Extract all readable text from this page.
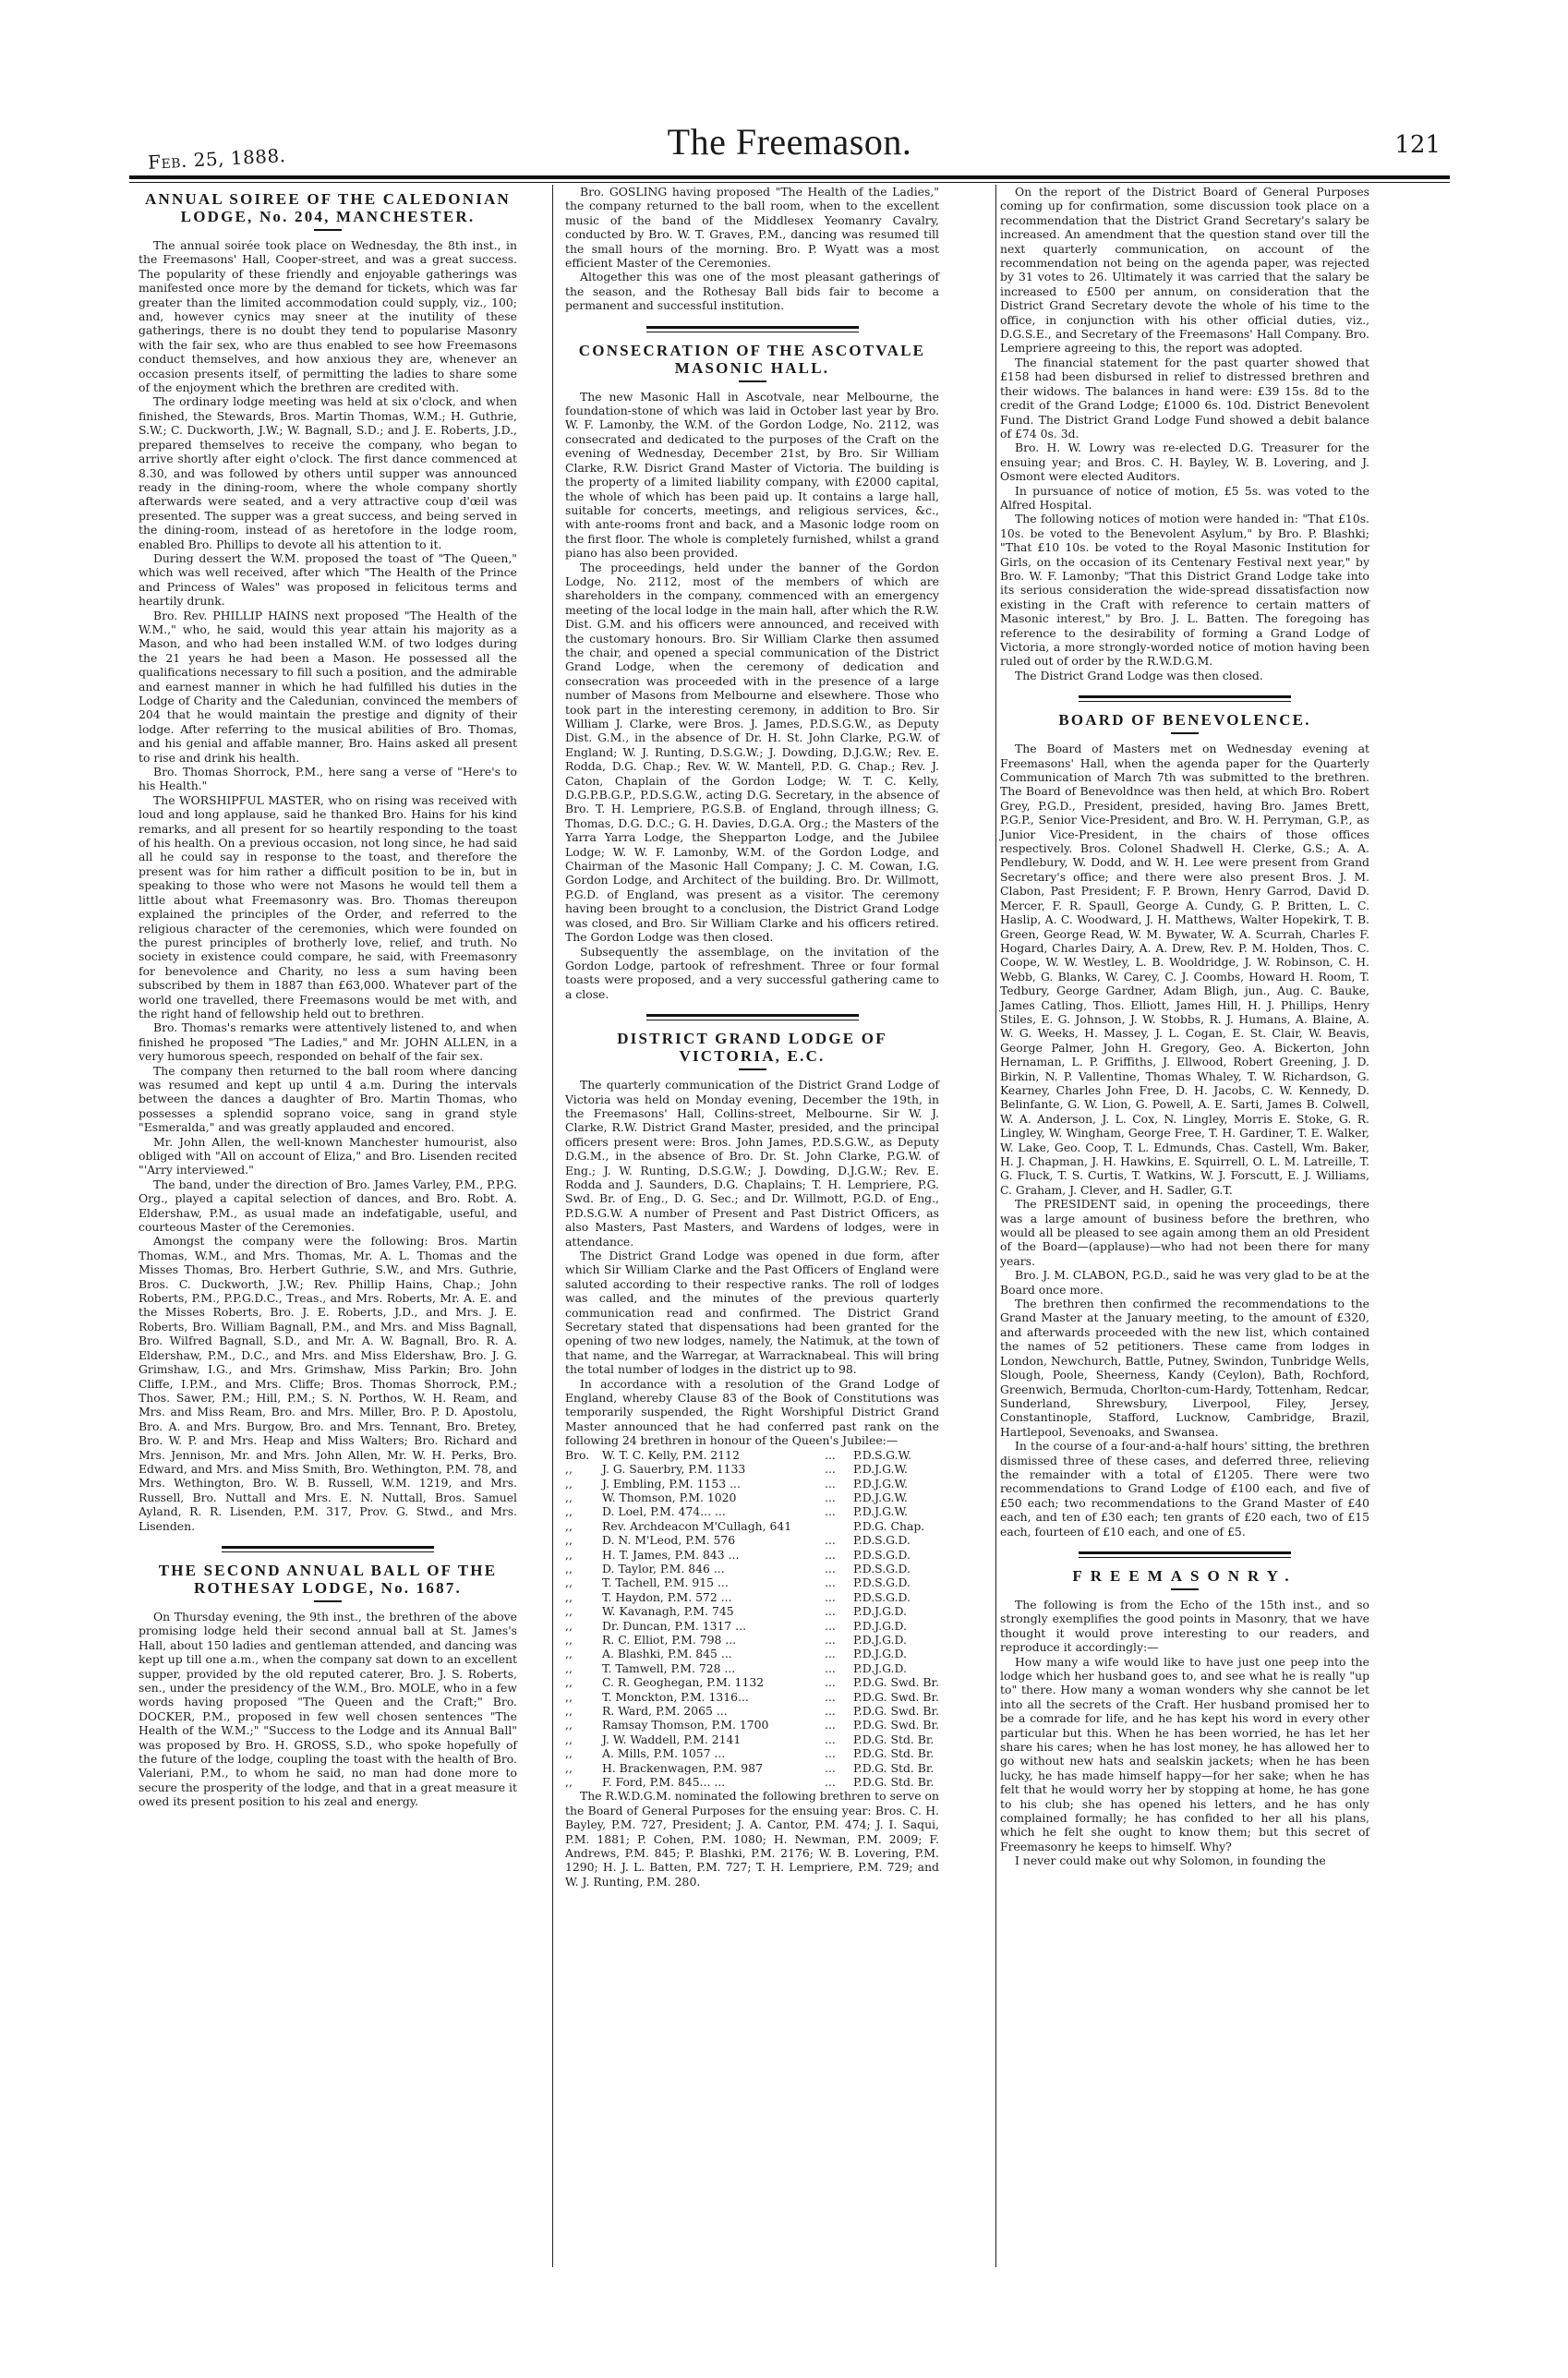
Feb. 25, 1888.	The Freemason.	121
ANNUAL SOIREE OF THE CALEDONIAN LODGE, No. 204, MANCHESTER.

The annual soirée took place on Wednesday, the 8th inst., in the Freemasons' Hall, Cooper-street, and was a great success. The popularity of these friendly and enjoyable gatherings was manifested once more by the demand for tickets, which was far greater than the limited accommodation could supply, viz., 100; and, however cynics may sneer at the inutility of these gatherings, there is no doubt they tend to popularise Masonry with the fair sex, who are thus enabled to see how Freemasons conduct themselves, and how anxious they are, whenever an occasion presents itself, of permitting the ladies to share some of the enjoyment which the brethren are credited with.

The ordinary lodge meeting was held at six o'clock, and when finished, the Stewards, Bros. Martin Thomas, W.M.; H. Guthrie, S.W.; C. Duckworth, J.W.; W. Bagnall, S.D.; and J. E. Roberts, J.D., prepared themselves to receive the company, who began to arrive shortly after eight o'clock. The first dance commenced at 8.30, and was followed by others until supper was announced ready in the dining-room, where the whole company shortly afterwards were seated, and a very attractive coup d'œil was presented. The supper was a great success, and being served in the dining-room, instead of as heretofore in the lodge room, enabled Bro. Phillips to devote all his attention to it.

During dessert the W.M. proposed the toast of "The Queen," which was well received, after which "The Health of the Prince and Princess of Wales" was proposed in felicitous terms and heartily drunk.

Bro. Rev. PHILLIP HAINS next proposed "The Health of the W.M.," who, he said, would this year attain his majority as a Mason, and who had been installed W.M. of two lodges during the 21 years he had been a Mason. He possessed all the qualifications necessary to fill such a position, and the admirable and earnest manner in which he had fulfilled his duties in the Lodge of Charity and the Caledunian, convinced the members of 204 that he would maintain the prestige and dignity of their lodge. After referring to the musical abilities of Bro. Thomas, and his genial and affable manner, Bro. Hains asked all present to rise and drink his health.

Bro. Thomas Shorrock, P.M., here sang a verse of "Here's to his Health."

The WORSHIPFUL MASTER, who on rising was received with loud and long applause, said he thanked Bro. Hains for his kind remarks, and all present for so heartily responding to the toast of his health. On a previous occasion, not long since, he had said all he could say in response to the toast, and therefore the present was for him rather a difficult position to be in, but in speaking to those who were not Masons he would tell them a little about what Freemasonry was. Bro. Thomas thereupon explained the principles of the Order, and referred to the religious character of the ceremonies, which were founded on the purest principles of brotherly love, relief, and truth. No society in existence could compare, he said, with Freemasonry for benevolence and Charity, no less a sum having been subscribed by them in 1887 than £63,000. Whatever part of the world one travelled, there Freemasons would be met with, and the right hand of fellowship held out to brethren.

Bro. Thomas's remarks were attentively listened to, and when finished he proposed "The Ladies," and Mr. JOHN ALLEN, in a very humorous speech, responded on behalf of the fair sex.

The company then returned to the ball room where dancing was resumed and kept up until 4 a.m. During the intervals between the dances a daughter of Bro. Martin Thomas, who possesses a splendid soprano voice, sang in grand style "Esmeralda," and was greatly applauded and encored.

Mr. John Allen, the well-known Manchester humourist, also obliged with "All on account of Eliza," and Bro. Lisenden recited "'Arry interviewed."

The band, under the direction of Bro. James Varley, P.M., P.P.G. Org., played a capital selection of dances, and Bro. Robt. A. Eldershaw, P.M., as usual made an indefatigable, useful, and courteous Master of the Ceremonies.

Amongst the company were the following: Bros. Martin Thomas, W.M., and Mrs. Thomas, Mr. A. L. Thomas and the Misses Thomas, Bro. Herbert Guthrie, S.W., and Mrs. Guthrie, Bros. C. Duckworth, J.W.; Rev. Phillip Hains, Chap.; John Roberts, P.M., P.P.G.D.C., Treas., and Mrs. Roberts, Mr. A. E. and the Misses Roberts, Bro. J. E. Roberts, J.D., and Mrs. J. E. Roberts, Bro. William Bagnall, P.M., and Mrs. and Miss Bagnall, Bro. Wilfred Bagnall, S.D., and Mr. A. W. Bagnall, Bro. R. A. Eldershaw, P.M., D.C., and Mrs. and Miss Eldershaw, Bro. J. G. Grimshaw, I.G., and Mrs. Grimshaw, Miss Parkin; Bro. John Cliffe, I.P.M., and Mrs. Cliffe; Bros. Thomas Shorrock, P.M.; Thos. Sawer, P.M.; Hill, P.M.; S. N. Porthos, W. H. Ream, and Mrs. and Miss Ream, Bro. and Mrs. Miller, Bro. P. D. Apostolu, Bro. A. and Mrs. Burgow, Bro. and Mrs. Tennant, Bro. Bretey, Bro. W. P. and Mrs. Heap and Miss Walters; Bro. Richard and Mrs. Jennison, Mr. and Mrs. John Allen, Mr. W. H. Perks, Bro. Edward, and Mrs. and Miss Smith, Bro. Wethington, P.M. 78, and Mrs. Wethington, Bro. W. B. Russell, W.M. 1219, and Mrs. Russell, Bro. Nuttall and Mrs. E. N. Nuttall, Bros. Samuel Ayland, R. R. Lisenden, P.M. 317, Prov. G. Stwd., and Mrs. Lisenden.

THE SECOND ANNUAL BALL OF THE ROTHESAY LODGE, No. 1687.

On Thursday evening, the 9th inst., the brethren of the above promising lodge held their second annual ball at St. James's Hall, about 150 ladies and gentleman attended, and dancing was kept up till one a.m., when the company sat down to an excellent supper, provided by the old reputed caterer, Bro. J. S. Roberts, sen., under the presidency of the W.M., Bro. MOLE, who in a few words having proposed "The Queen and the Craft;" Bro. DOCKER, P.M., proposed in few well chosen sentences "The Health of the W.M.;" "Success to the Lodge and its Annual Ball" was proposed by Bro. H. GROSS, S.D., who spoke hopefully of the future of the lodge, coupling the toast with the health of Bro. Valeriani, P.M., to whom he said, no man had done more to secure the prosperity of the lodge, and that in a great measure it owed its present position to his zeal and energy.

Bro. GOSLING having proposed "The Health of the Ladies," the company returned to the ball room, when to the excellent music of the band of the Middlesex Yeomanry Cavalry, conducted by Bro. W. T. Graves, P.M., dancing was resumed till the small hours of the morning. Bro. P. Wyatt was a most efficient Master of the Ceremonies.

Altogether this was one of the most pleasant gatherings of the season, and the Rothesay Ball bids fair to become a permanent and successful institution.

CONSECRATION OF THE ASCOTVALE MASONIC HALL.

The new Masonic Hall in Ascotvale, near Melbourne, the foundation-stone of which was laid in October last year by Bro. W. F. Lamonby, the W.M. of the Gordon Lodge, No. 2112, was consecrated and dedicated to the purposes of the Craft on the evening of Wednesday, December 21st, by Bro. Sir William Clarke, R.W. Disrict Grand Master of Victoria. The building is the property of a limited liability company, with £2000 capital, the whole of which has been paid up. It contains a large hall, suitable for concerts, meetings, and religious services, &c., with ante-rooms front and back, and a Masonic lodge room on the first floor. The whole is completely furnished, whilst a grand piano has also been provided.

The proceedings, held under the banner of the Gordon Lodge, No. 2112, most of the members of which are shareholders in the company, commenced with an emergency meeting of the local lodge in the main hall, after which the R.W. Dist. G.M. and his officers were announced, and received with the customary honours. Bro. Sir William Clarke then assumed the chair, and opened a special communication of the District Grand Lodge, when the ceremony of dedication and consecration was proceeded with in the presence of a large number of Masons from Melbourne and elsewhere. Those who took part in the interesting ceremony, in addition to Bro. Sir William J. Clarke, were Bros. J. James, P.D.S.G.W., as Deputy Dist. G.M., in the absence of Dr. H. St. John Clarke, P.G.W. of England; W. J. Runting, D.S.G.W.; J. Dowding, D.J.G.W.; Rev. E. Rodda, D.G. Chap.; Rev. W. W. Mantell, P.D. G. Chap.; Rev. J. Caton, Chaplain of the Gordon Lodge; W. T. C. Kelly, D.G.P.B.G.P., P.D.S.G.W., acting D.G. Secretary, in the absence of Bro. T. H. Lempriere, P.G.S.B. of England, through illness; G. Thomas, D.G. D.C.; G. H. Davies, D.G.A. Org.; the Masters of the Yarra Yarra Lodge, the Shepparton Lodge, and the Jubilee Lodge; W. W. F. Lamonby, W.M. of the Gordon Lodge, and Chairman of the Masonic Hall Company; J. C. M. Cowan, I.G. Gordon Lodge, and Architect of the building. Bro. Dr. Willmott, P.G.D. of England, was present as a visitor. The ceremony having been brought to a conclusion, the District Grand Lodge was closed, and Bro. Sir William Clarke and his officers retired. The Gordon Lodge was then closed.

Subsequently the assemblage, on the invitation of the Gordon Lodge, partook of refreshment. Three or four formal toasts were proposed, and a very successful gathering came to a close.

DISTRICT GRAND LODGE OF VICTORIA, E.C.

The quarterly communication of the District Grand Lodge of Victoria was held on Monday evening, December the 19th, in the Freemasons' Hall, Collins-street, Melbourne. Sir W. J. Clarke, R.W. District Grand Master, presided, and the principal officers present were: Bros. John James, P.D.S.G.W., as Deputy D.G.M., in the absence of Bro. Dr. St. John Clarke, P.G.W. of Eng.; J. W. Runting, D.S.G.W.; J. Dowding, D.J.G.W.; Rev. E. Rodda and J. Saunders, D.G. Chaplains; T. H. Lempriere, P.G. Swd. Br. of Eng., D. G. Sec.; and Dr. Willmott, P.G.D. of Eng., P.D.S.G.W. A number of Present and Past District Officers, as also Masters, Past Masters, and Wardens of lodges, were in attendance.

The District Grand Lodge was opened in due form, after which Sir William Clarke and the Past Officers of England were saluted according to their respective ranks. The roll of lodges was called, and the minutes of the previous quarterly communication read and confirmed. The District Grand Secretary stated that dispensations had been granted for the opening of two new lodges, namely, the Natimuk, at the town of that name, and the Warregar, at Warracknabeal. This will bring the total number of lodges in the district up to 98.

In accordance with a resolution of the Grand Lodge of England, whereby Clause 83 of the Book of Constitutions was temporarily suspended, the Right Worshipful District Grand Master announced that he had conferred past rank on the following 24 brethren in honour of the Queen's Jubilee:—

Bro.	W. T. C. Kelly, P.M. 2112	...	P.D.S.G.W.
,,	J. G. Sauerbry, P.M. 1133	...	P.D.J.G.W.
,,	J. Embling, P.M. 1153 ...	...	P.D.J.G.W.
,,	W. Thomson, P.M. 1020	...	P.D.J.G.W.
,,	D. Loel, P.M. 474... ...	...	P.D.J.G.W.
,,	Rev. Archdeacon M'Cullagh, 641		P.D.G. Chap.
,,	D. N. M'Leod, P.M. 576	...	P.D.S.G.D.
,,	H. T. James, P.M. 843 ...	...	P.D.S.G.D.
,,	D. Taylor, P.M. 846 ...	...	P.D.S.G.D.
,,	T. Tachell, P.M. 915 ...	...	P.D.S.G.D.
,,	T. Haydon, P.M. 572 ...	...	P.D.S.G.D.
,,	W. Kavanagh, P.M. 745	...	P.D.J.G.D.
,,	Dr. Duncan, P.M. 1317 ...	...	P.D.J.G.D.
,,	R. C. Elliot, P.M. 798 ...	...	P.D.J.G.D.
,,	A. Blashki, P.M. 845 ...	...	P.D.J.G.D.
,,	T. Tamwell, P.M. 728 ...	...	P.D.J.G.D.
,,	C. R. Geoghegan, P.M. 1132	...	P.D.G. Swd. Br.
,,	T. Monckton, P.M. 1316...	...	P.D.G. Swd. Br.
,,	R. Ward, P.M. 2065 ...	...	P.D.G. Swd. Br.
,,	Ramsay Thomson, P.M. 1700	...	P.D.G. Swd. Br.
,,	J. W. Waddell, P.M. 2141	...	P.D.G. Std. Br.
,,	A. Mills, P.M. 1057 ...	...	P.D.G. Std. Br.
,,	H. Brackenwagen, P.M. 987	...	P.D.G. Std. Br.
,,	F. Ford, P.M. 845... ...	...	P.D.G. Std. Br.

The R.W.D.G.M. nominated the following brethren to serve on the Board of General Purposes for the ensuing year: Bros. C. H. Bayley, P.M. 727, President; J. A. Cantor, P.M. 474; J. I. Saqui, P.M. 1881; P. Cohen, P.M. 1080; H. Newman, P.M. 2009; F. Andrews, P.M. 845; P. Blashki, P.M. 2176; W. B. Lovering, P.M. 1290; H. J. L. Batten, P.M. 727; T. H. Lempriere, P.M. 729; and W. J. Runting, P.M. 280.

On the report of the District Board of General Purposes coming up for confirmation, some discussion took place on a recommendation that the District Grand Secretary's salary be increased. An amendment that the question stand over till the next quarterly communication, on account of the recommendation not being on the agenda paper, was rejected by 31 votes to 26. Ultimately it was carried that the salary be increased to £500 per annum, on consideration that the District Grand Secretary devote the whole of his time to the office, in conjunction with his other official duties, viz., D.G.S.E., and Secretary of the Freemasons' Hall Company. Bro. Lempriere agreeing to this, the report was adopted.

The financial statement for the past quarter showed that £158 had been disbursed in relief to distressed brethren and their widows. The balances in hand were: £39 15s. 8d to the credit of the Grand Lodge; £1000 6s. 10d. District Benevolent Fund. The District Grand Lodge Fund showed a debit balance of £74 0s. 3d.

Bro. H. W. Lowry was re-elected D.G. Treasurer for the ensuing year; and Bros. C. H. Bayley, W. B. Lovering, and J. Osmont were elected Auditors.

In pursuance of notice of motion, £5 5s. was voted to the Alfred Hospital.

The following notices of motion were handed in: "That £10s. 10s. be voted to the Benevolent Asylum," by Bro. P. Blashki; "That £10 10s. be voted to the Royal Masonic Institution for Girls, on the occasion of its Centenary Festival next year," by Bro. W. F. Lamonby; "That this District Grand Lodge take into its serious consideration the wide-spread dissatisfaction now existing in the Craft with reference to certain matters of Masonic interest," by Bro. J. L. Batten. The foregoing has reference to the desirability of forming a Grand Lodge of Victoria, a more strongly-worded notice of motion having been ruled out of order by the R.W.D.G.M.

The District Grand Lodge was then closed.

BOARD OF BENEVOLENCE.

The Board of Masters met on Wednesday evening at Freemasons' Hall, when the agenda paper for the Quarterly Communication of March 7th was submitted to the brethren. The Board of Benevoldnce was then held, at which Bro. Robert Grey, P.G.D., President, presided, having Bro. James Brett, P.G.P., Senior Vice-President, and Bro. W. H. Perryman, G.P., as Junior Vice-President, in the chairs of those offices respectively. Bros. Colonel Shadwell H. Clerke, G.S.; A. A. Pendlebury, W. Dodd, and W. H. Lee were present from Grand Secretary's office; and there were also present Bros. J. M. Clabon, Past President; F. P. Brown, Henry Garrod, David D. Mercer, F. R. Spaull, George A. Cundy, G. P. Britten, L. C. Haslip, A. C. Woodward, J. H. Matthews, Walter Hopekirk, T. B. Green, George Read, W. M. Bywater, W. A. Scurrah, Charles F. Hogard, Charles Dairy, A. A. Drew, Rev. P. M. Holden, Thos. C. Coope, W. W. Westley, L. B. Wooldridge, J. W. Robinson, C. H. Webb, G. Blanks, W. Carey, C. J. Coombs, Howard H. Room, T. Tedbury, George Gardner, Adam Bligh, jun., Aug. C. Bauke, James Catling, Thos. Elliott, James Hill, H. J. Phillips, Henry Stiles, E. G. Johnson, J. W. Stobbs, R. J. Humans, A. Blaine, A. W. G. Weeks, H. Massey, J. L. Cogan, E. St. Clair, W. Beavis, George Palmer, John H. Gregory, Geo. A. Bickerton, John Hernaman, L. P. Griffiths, J. Ellwood, Robert Greening, J. D. Birkin, N. P. Vallentine, Thomas Whaley, T. W. Richardson, G. Kearney, Charles John Free, D. H. Jacobs, C. W. Kennedy, D. Belinfante, G. W. Lion, G. Powell, A. E. Sarti, James B. Colwell, W. A. Anderson, J. L. Cox, N. Lingley, Morris E. Stoke, G. R. Lingley, W. Wingham, George Free, T. H. Gardiner, T. E. Walker, W. Lake, Geo. Coop, T. L. Edmunds, Chas. Castell, Wm. Baker, H. J. Chapman, J. H. Hawkins, E. Squirrell, O. L. M. Latreille, T. G. Fluck, T. S. Curtis, T. Watkins, W. J. Forscutt, E. J. Williams, C. Graham, J. Clever, and H. Sadler, G.T.

The PRESIDENT said, in opening the proceedings, there was a large amount of business before the brethren, who would all be pleased to see again among them an old President of the Board—(applause)—who had not been there for many years.

Bro. J. M. CLABON, P.G.D., said he was very glad to be at the Board once more.

The brethren then confirmed the recommendations to the Grand Master at the January meeting, to the amount of £320, and afterwards proceeded with the new list, which contained the names of 52 petitioners. These came from lodges in London, Newchurch, Battle, Putney, Swindon, Tunbridge Wells, Slough, Poole, Sheerness, Kandy (Ceylon), Bath, Rochford, Greenwich, Bermuda, Chorlton-cum-Hardy, Tottenham, Redcar, Sunderland, Shrewsbury, Liverpool, Filey, Jersey, Constantinople, Stafford, Lucknow, Cambridge, Brazil, Hartlepool, Sevenoaks, and Swansea.

In the course of a four-and-a-half hours' sitting, the brethren dismissed three of these cases, and deferred three, relieving the remainder with a total of £1205. There were two recommendations to Grand Lodge of £100 each, and five of £50 each; two recommendations to the Grand Master of £40 each, and ten of £30 each; ten grants of £20 each, two of £15 each, fourteen of £10 each, and one of £5.

FREEMASONRY.

The following is from the Echo of the 15th inst., and so strongly exemplifies the good points in Masonry, that we have thought it would prove interesting to our readers, and reproduce it accordingly:—

How many a wife would like to have just one peep into the lodge which her husband goes to, and see what he is really "up to" there. How many a woman wonders why she cannot be let into all the secrets of the Craft. Her husband promised her to be a comrade for life, and he has kept his word in every other particular but this. When he has been worried, he has let her share his cares; when he has lost money, he has allowed her to go without new hats and sealskin jackets; when he has been lucky, he has made himself happy—for her sake; when he has felt that he would worry her by stopping at home, he has gone to his club; she has opened his letters, and he has only complained formally; he has confided to her all his plans, which he felt she ought to know them; but this secret of Freemasonry he keeps to himself. Why?

I never could make out why Solomon, in founding the
